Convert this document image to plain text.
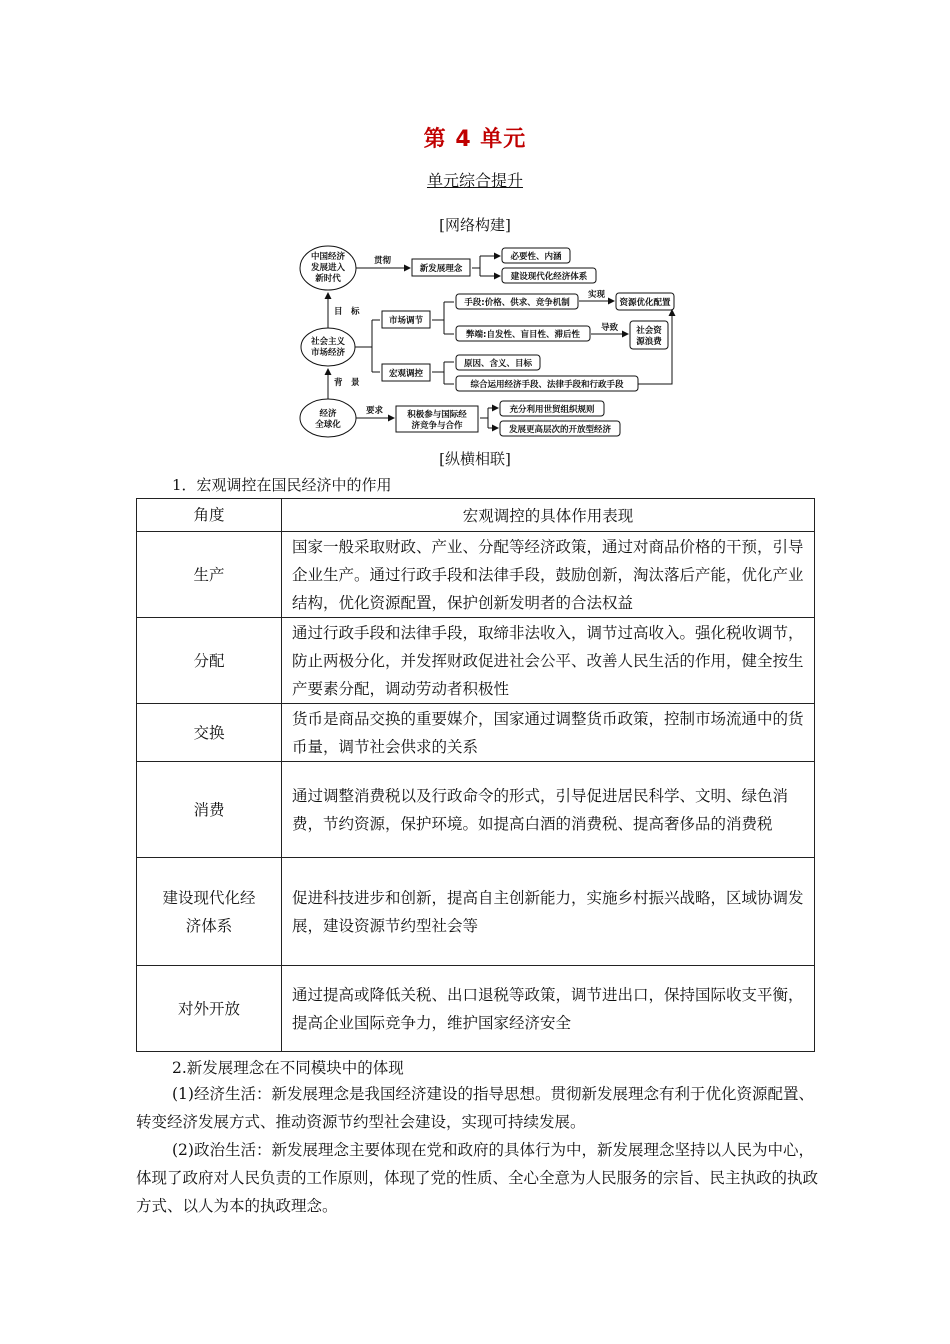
第 4 单元
单元综合提升
[网络构建]
中国经济
发展进入
新时代
社会主义
市场经济
经济
全球化
目　标
背　景
贯彻
新发展理念
必要性、内涵
建设现代化经济体系
市场调节
手段:价格、供求、竞争机制
实现
资源优化配置
弊端:自发性、盲目性、滞后性
导致 社会资
源浪费
宏观调控
原因、含义、目标
综合运用经济手段、法律手段和行政手段
要求	积极参与国际经
济竞争与合作
充分利用世贸组织规则
发展更高层次的开放型经济
[纵横相联]
1．宏观调控在国民经济中的作用
角度	宏观调控的具体作用表现
生产	国家一般采取财政、产业、分配等经济政策，通过对商品价格的干预，引导企业生产。通过行政手段和法律手段，鼓励创新，淘汰落后产能，优化产业结构，优化资源配置，保护创新发明者的合法权益
分配	通过行政手段和法律手段，取缔非法收入，调节过高收入。强化税收调节，防止两极分化，并发挥财政促进社会公平、改善人民生活的作用，健全按生产要素分配，调动劳动者积极性
交换	货币是商品交换的重要媒介，国家通过调整货币政策，控制市场流通中的货币量，调节社会供求的关系
消费	通过调整消费税以及行政命令的形式，引导促进居民科学、文明、绿色消费，节约资源，保护环境。如提高白酒的消费税、提高奢侈品的消费税
建设现代化经济体系	促进科技进步和创新，提高自主创新能力，实施乡村振兴战略，区域协调发展，建设资源节约型社会等
对外开放	通过提高或降低关税、出口退税等政策，调节进出口，保持国际收支平衡，提高企业国际竞争力，维护国家经济安全
2.新发展理念在不同模块中的体现
(1)经济生活：新发展理念是我国经济建设的指导思想。贯彻新发展理念有利于优化资源配置、转变经济发展方式、推动资源节约型社会建设，实现可持续发展。
(2)政治生活：新发展理念主要体现在党和政府的具体行为中，新发展理念坚持以人民为中心，体现了政府对人民负责的工作原则，体现了党的性质、全心全意为人民服务的宗旨、民主执政的执政方式、以人为本的执政理念。
